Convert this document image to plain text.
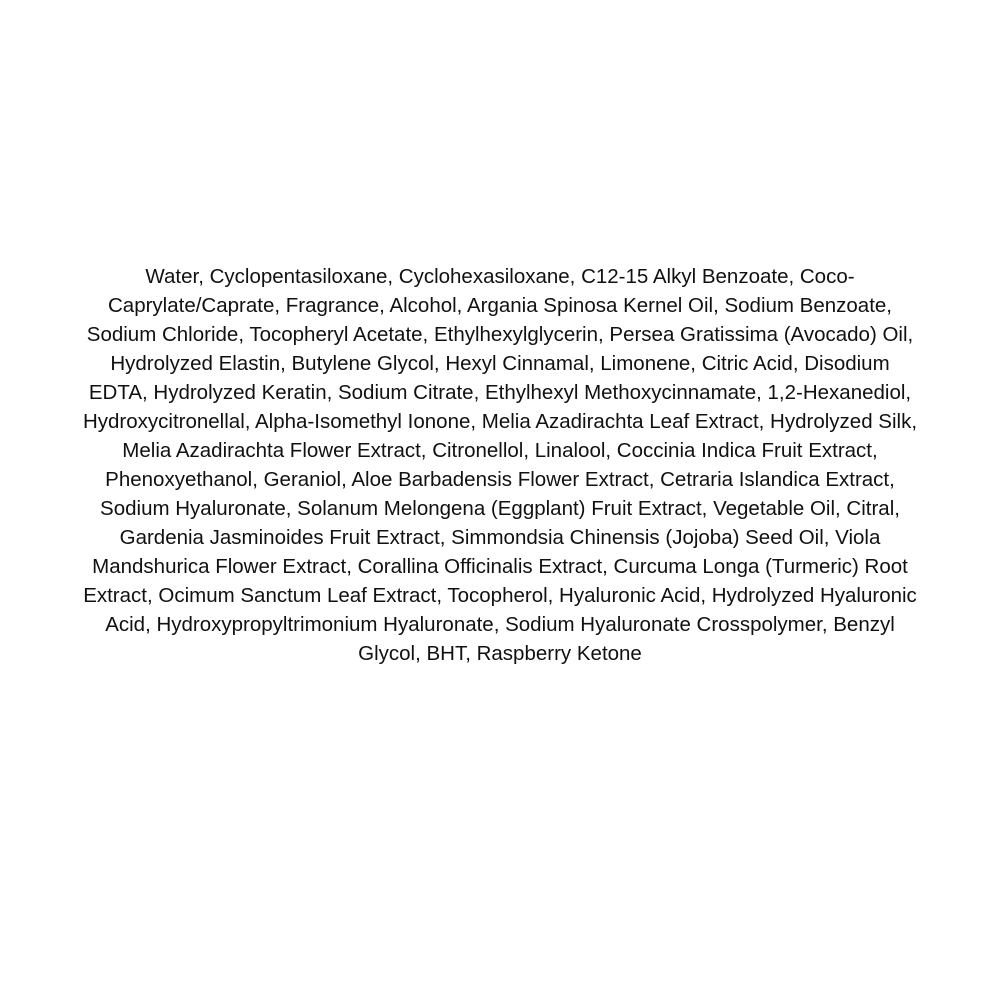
Water, Cyclopentasiloxane, Cyclohexasiloxane, C12-15 Alkyl Benzoate, Coco-Caprylate/Caprate, Fragrance, Alcohol, Argania Spinosa Kernel Oil, Sodium Benzoate, Sodium Chloride, Tocopheryl Acetate, Ethylhexylglycerin, Persea Gratissima (Avocado) Oil, Hydrolyzed Elastin, Butylene Glycol, Hexyl Cinnamal, Limonene, Citric Acid, Disodium EDTA, Hydrolyzed Keratin, Sodium Citrate, Ethylhexyl Methoxycinnamate, 1,2-Hexanediol, Hydroxycitronellal, Alpha-Isomethyl Ionone, Melia Azadirachta Leaf Extract, Hydrolyzed Silk, Melia Azadirachta Flower Extract, Citronellol, Linalool, Coccinia Indica Fruit Extract, Phenoxyethanol, Geraniol, Aloe Barbadensis Flower Extract, Cetraria Islandica Extract, Sodium Hyaluronate, Solanum Melongena (Eggplant) Fruit Extract, Vegetable Oil, Citral, Gardenia Jasminoides Fruit Extract, Simmondsia Chinensis (Jojoba) Seed Oil, Viola Mandshurica Flower Extract, Corallina Officinalis Extract, Curcuma Longa (Turmeric) Root Extract, Ocimum Sanctum Leaf Extract, Tocopherol, Hyaluronic Acid, Hydrolyzed Hyaluronic Acid, Hydroxypropyltrimonium Hyaluronate, Sodium Hyaluronate Crosspolymer, Benzyl Glycol, BHT, Raspberry Ketone
